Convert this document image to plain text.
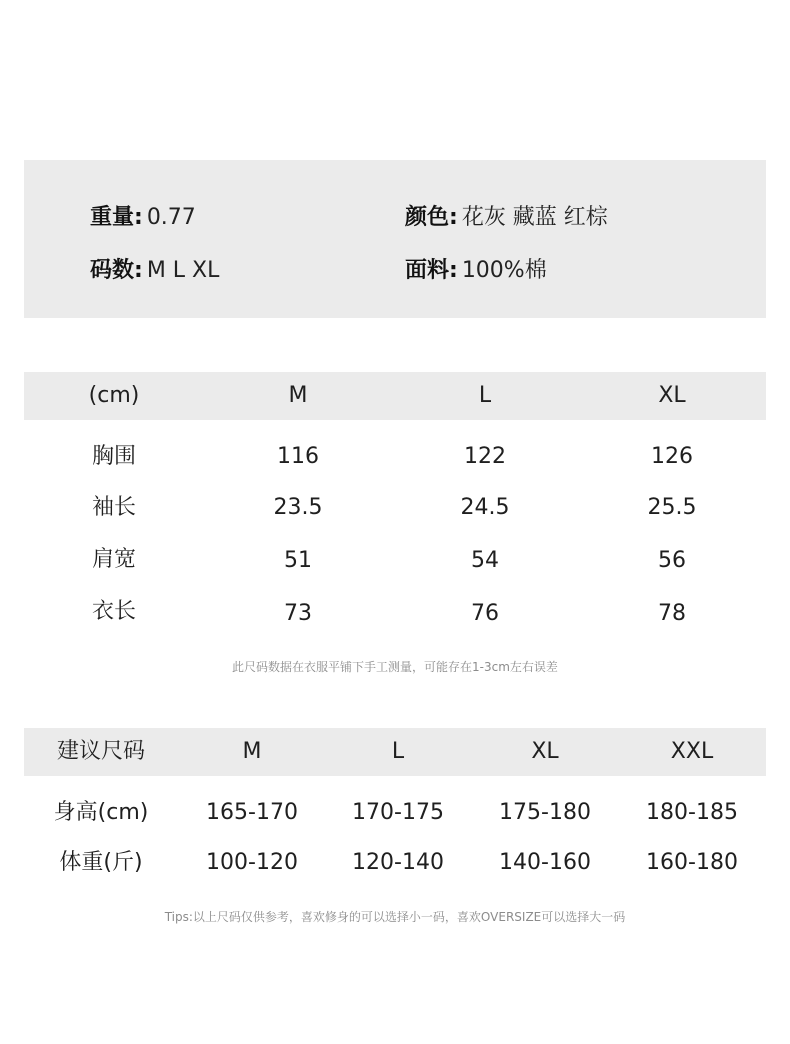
重量: 0.77	颜色: 花灰 藏蓝 红棕
码数: M L XL	面料: 100%棉
(cm)	M	L	XL
胸围	116	122	126
袖长	23.5	24.5	25.5
肩宽	51	54	56
衣长	73	76	78
此尺码数据在衣服平铺下手工测量，可能存在1-3cm左右误差
建议尺码	M	L	XL	XXL
身高(cm)	165-170	170-175	175-180	180-185
体重(斤)	100-120	120-140	140-160	160-180
Tips:以上尺码仅供参考，喜欢修身的可以选择小一码，喜欢OVERSIZE可以选择大一码
